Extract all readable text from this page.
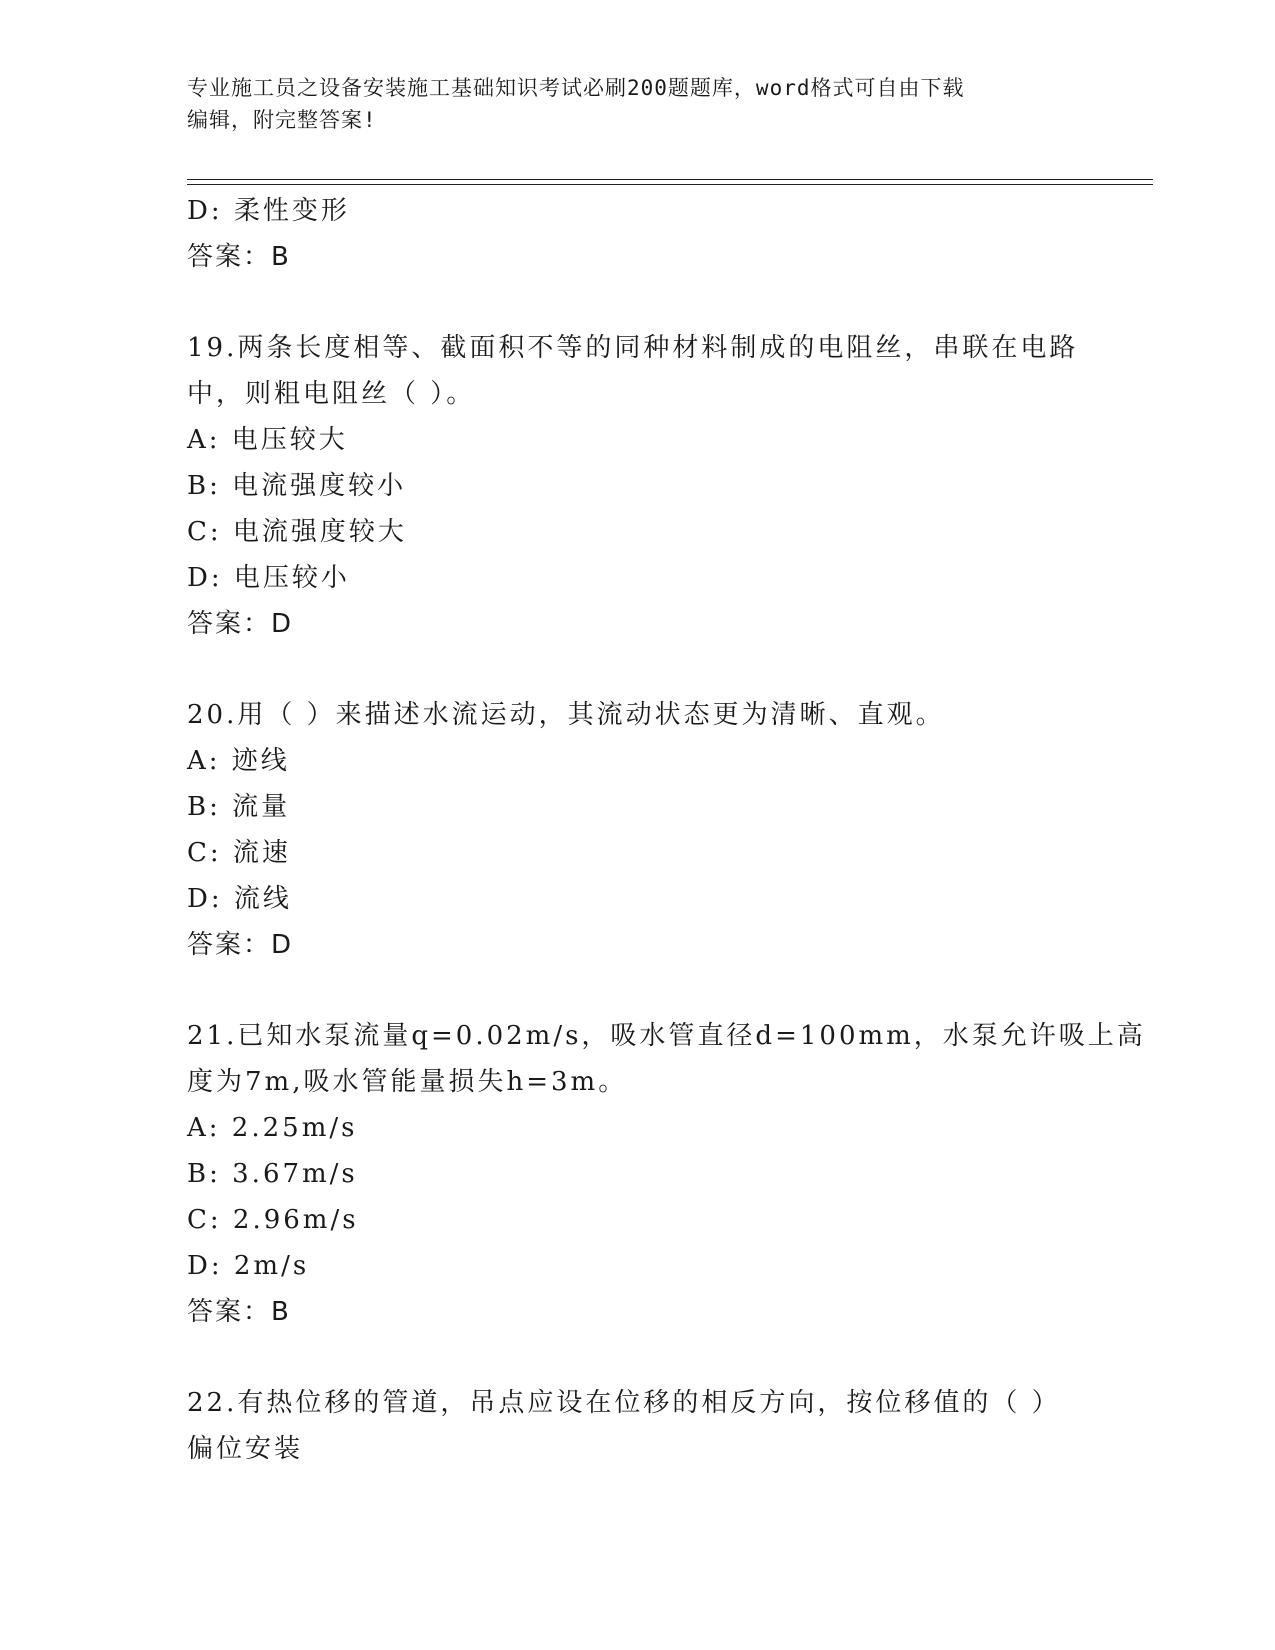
专业施工员之设备安装施工基础知识考试必刷200题题库，word格式可自由下载
编辑，附完整答案!
D: 柔性变形
答案：B
19.两条长度相等、截面积不等的同种材料制成的电阻丝，串联在电路
中，则粗电阻丝（ ）。
A: 电压较大
B: 电流强度较小
C: 电流强度较大
D: 电压较小
答案：D
20.用（ ）来描述水流运动，其流动状态更为清晰、直观。
A: 迹线
B: 流量
C: 流速
D: 流线
答案：D
21.已知水泵流量q=0.02m/s，吸水管直径d=100mm，水泵允许吸上高
度为7m,吸水管能量损失h=3m。
A: 2.25m/s
B: 3.67m/s
C: 2.96m/s
D: 2m/s
答案：B
22.有热位移的管道，吊点应设在位移的相反方向，按位移值的（ ）
偏位安装
